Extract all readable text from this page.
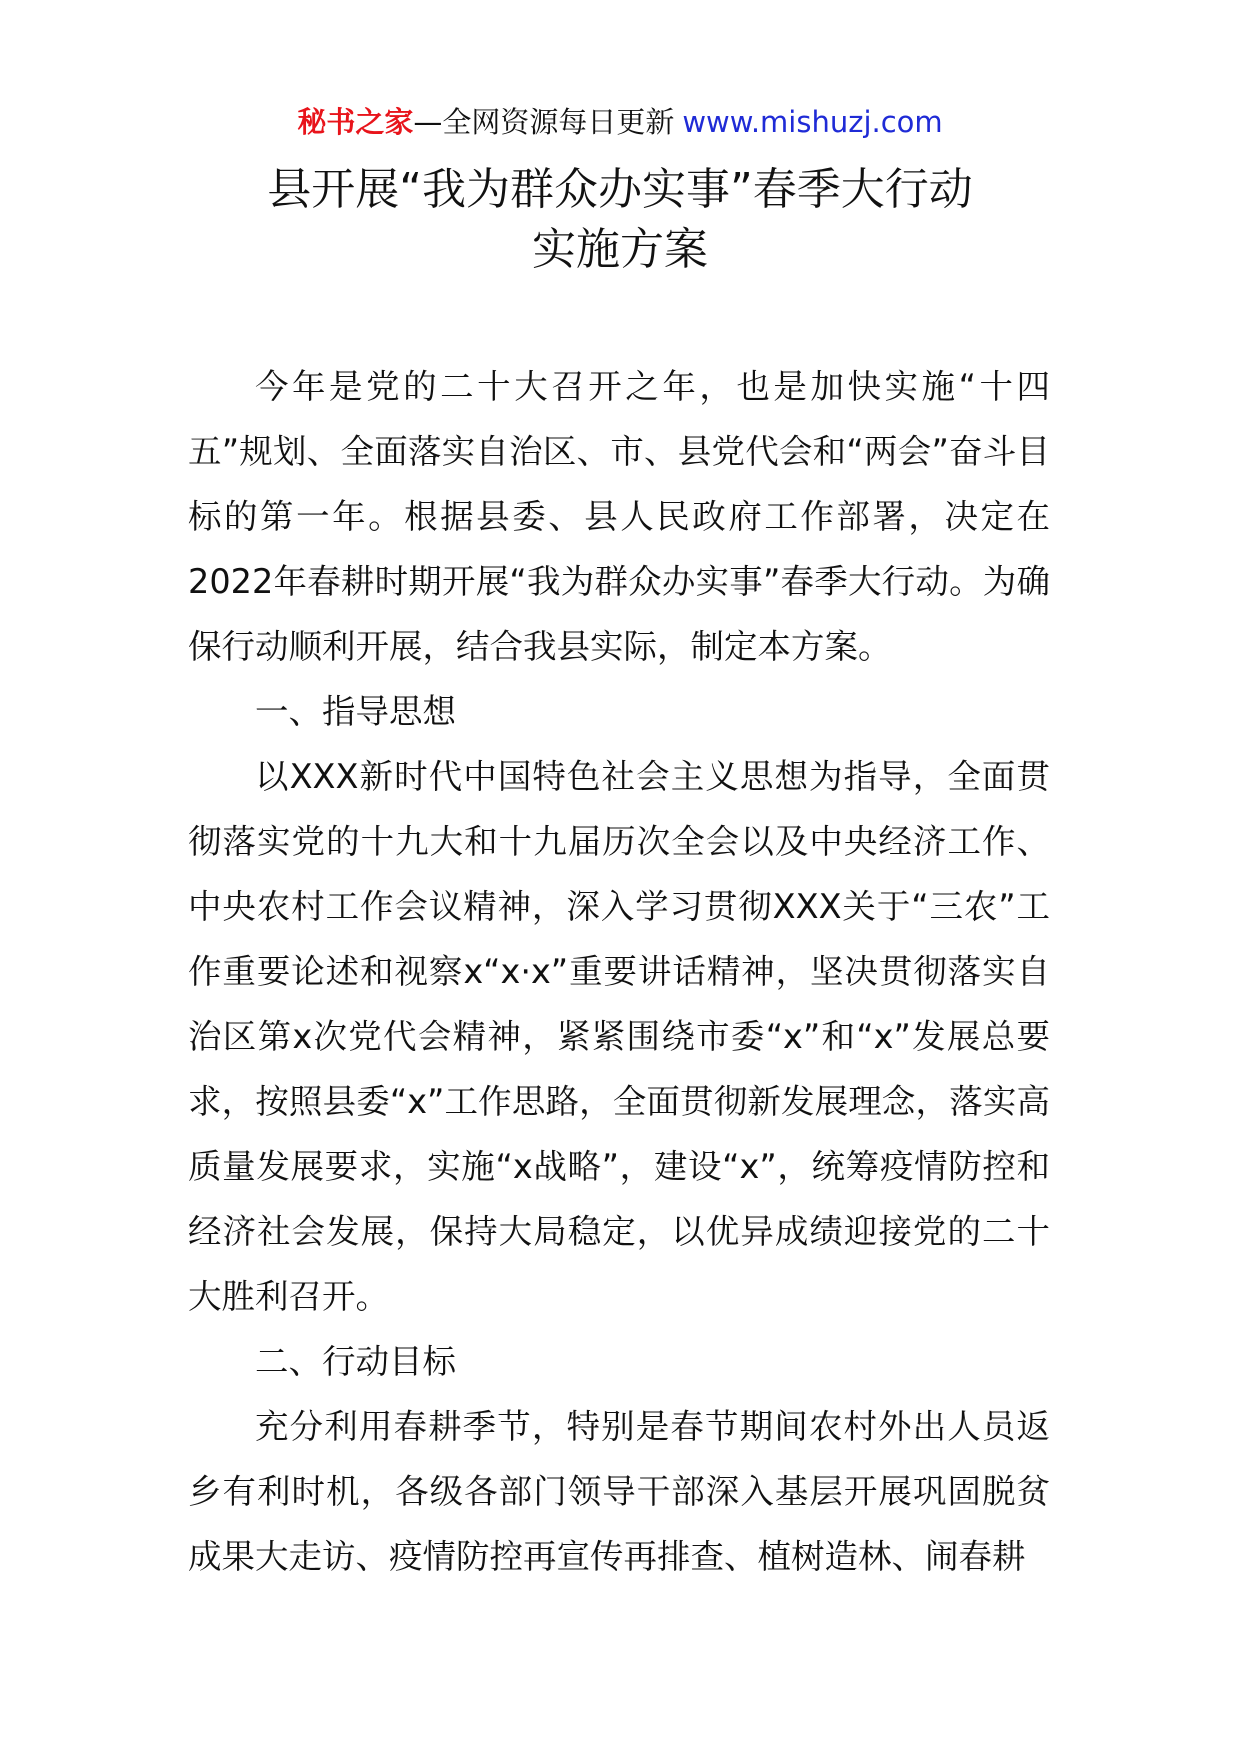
秘书之家—全网资源每日更新 www.mishuzj.com
县开展“我为群众办实事”春季大行动
实施方案

今年是党的二十大召开之年，也是加快实施“十四五”规划、全面落实自治区、市、县党代会和“两会”奋斗目标的第一年。根据县委、县人民政府工作部署，决定在2022年春耕时期开展“我为群众办实事”春季大行动。为确保行动顺利开展，结合我县实际，制定本方案。

一、指导思想

以XXX新时代中国特色社会主义思想为指导，全面贯彻落实党的十九大和十九届历次全会以及中央经济工作、中央农村工作会议精神，深入学习贯彻XXX关于“三农”工作重要论述和视察x“x·x”重要讲话精神，坚决贯彻落实自治区第x次党代会精神，紧紧围绕市委“x”和“x”发展总要求，按照县委“x”工作思路，全面贯彻新发展理念，落实高质量发展要求，实施“x战略”，建设“x”，统筹疫情防控和经济社会发展，保持大局稳定，以优异成绩迎接党的二十大胜利召开。

二、行动目标

充分利用春耕季节，特别是春节期间农村外出人员返乡有利时机，各级各部门领导干部深入基层开展巩固脱贫成果大走访、疫情防控再宣传再排查、植树造林、闹春耕
